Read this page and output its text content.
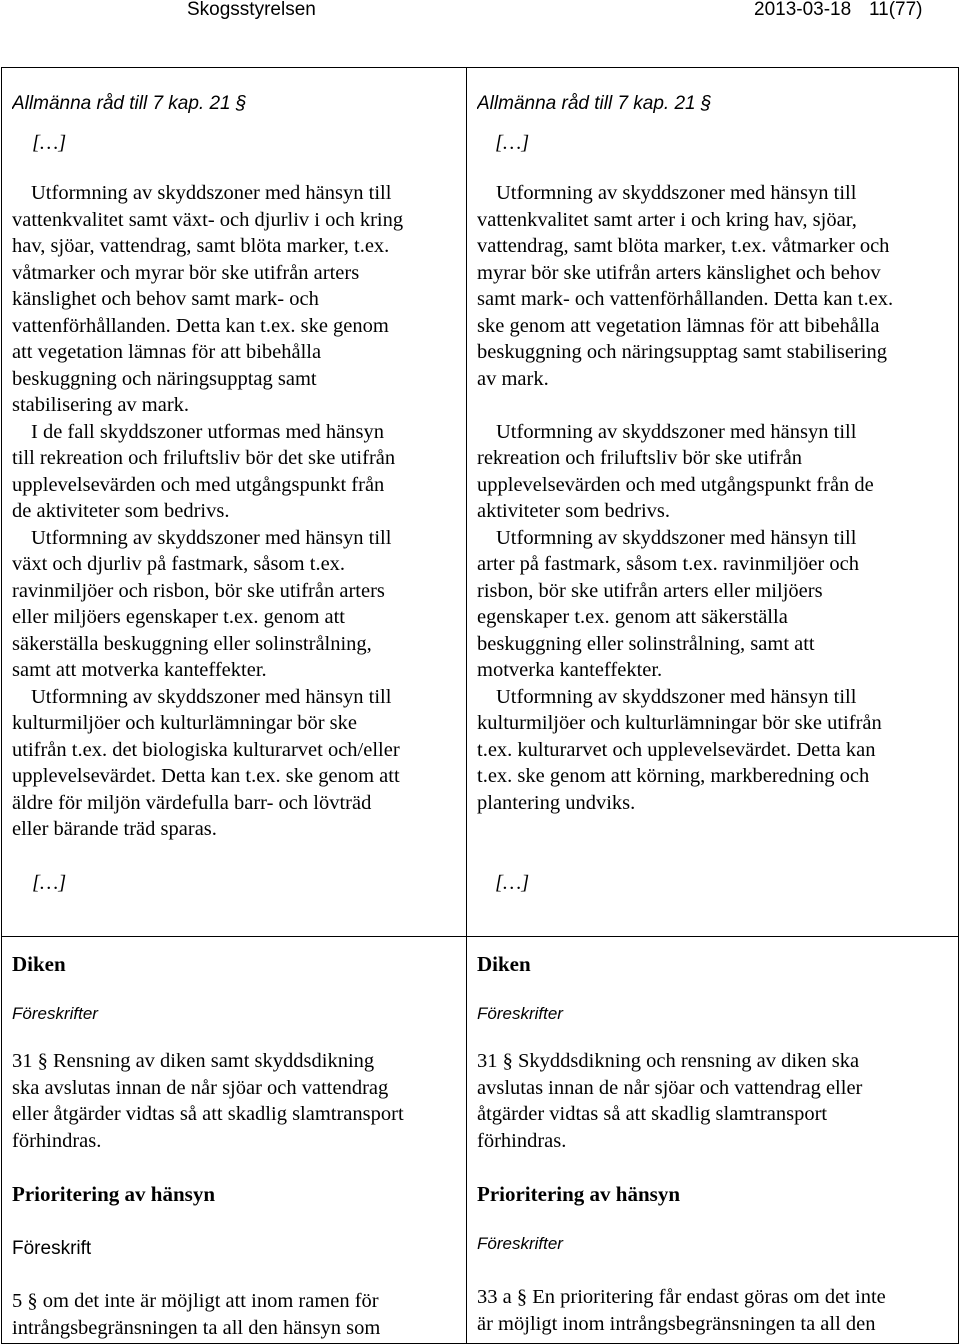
Skogsstyrelsen	2013-03-18 11(77)
Allmänna råd till 7 kap. 21 §
[…]
Utformning av skyddszoner med hänsyn till
vattenkvalitet samt växt- och djurliv i och kring
hav, sjöar, vattendrag, samt blöta marker, t.ex.
våtmarker och myrar bör ske utifrån arters
känslighet och behov samt mark- och
vattenförhållanden. Detta kan t.ex. ske genom
att vegetation lämnas för att bibehålla
beskuggning och näringsupptag samt
stabilisering av mark.
I de fall skyddszoner utformas med hänsyn
till rekreation och friluftsliv bör det ske utifrån
upplevelsevärden och med utgångspunkt från
de aktiviteter som bedrivs.
Utformning av skyddszoner med hänsyn till
växt och djurliv på fastmark, såsom t.ex.
ravinmiljöer och risbon, bör ske utifrån arters
eller miljöers egenskaper t.ex. genom att
säkerställa beskuggning eller solinstrålning,
samt att motverka kanteffekter.
Utformning av skyddszoner med hänsyn till
kulturmiljöer och kulturlämningar bör ske
utifrån t.ex. det biologiska kulturarvet och/eller
upplevelsevärdet. Detta kan t.ex. ske genom att
äldre för miljön värdefulla barr- och lövträd
eller bärande träd sparas.
[…]
Allmänna råd till 7 kap. 21 §
[…]
Utformning av skyddszoner med hänsyn till
vattenkvalitet samt arter i och kring hav, sjöar,
vattendrag, samt blöta marker, t.ex. våtmarker och
myrar bör ske utifrån arters känslighet och behov
samt mark- och vattenförhållanden. Detta kan t.ex.
ske genom att vegetation lämnas för att bibehålla
beskuggning och näringsupptag samt stabilisering
av mark.
Utformning av skyddszoner med hänsyn till
rekreation och friluftsliv bör ske utifrån
upplevelsevärden och med utgångspunkt från de
aktiviteter som bedrivs.
Utformning av skyddszoner med hänsyn till
arter på fastmark, såsom t.ex. ravinmiljöer och
risbon, bör ske utifrån arters eller miljöers
egenskaper t.ex. genom att säkerställa
beskuggning eller solinstrålning, samt att
motverka kanteffekter.
Utformning av skyddszoner med hänsyn till
kulturmiljöer och kulturlämningar bör ske utifrån
t.ex. kulturarvet och upplevelsevärdet. Detta kan
t.ex. ske genom att körning, markberedning och
plantering undviks.
[…]
Diken
Föreskrifter
31 § Rensning av diken samt skyddsdikning
ska avslutas innan de når sjöar och vattendrag
eller åtgärder vidtas så att skadlig slamtransport
förhindras.
Prioritering av hänsyn
Föreskrift
5 § om det inte är möjligt att inom ramen för
intrångsbegränsningen ta all den hänsyn som
Diken
Föreskrifter
31 § Skyddsdikning och rensning av diken ska
avslutas innan de når sjöar och vattendrag eller
åtgärder vidtas så att skadlig slamtransport
förhindras.
Prioritering av hänsyn
Föreskrifter
33 a § En prioritering får endast göras om det inte
är möjligt inom intrångsbegränsningen ta all den
